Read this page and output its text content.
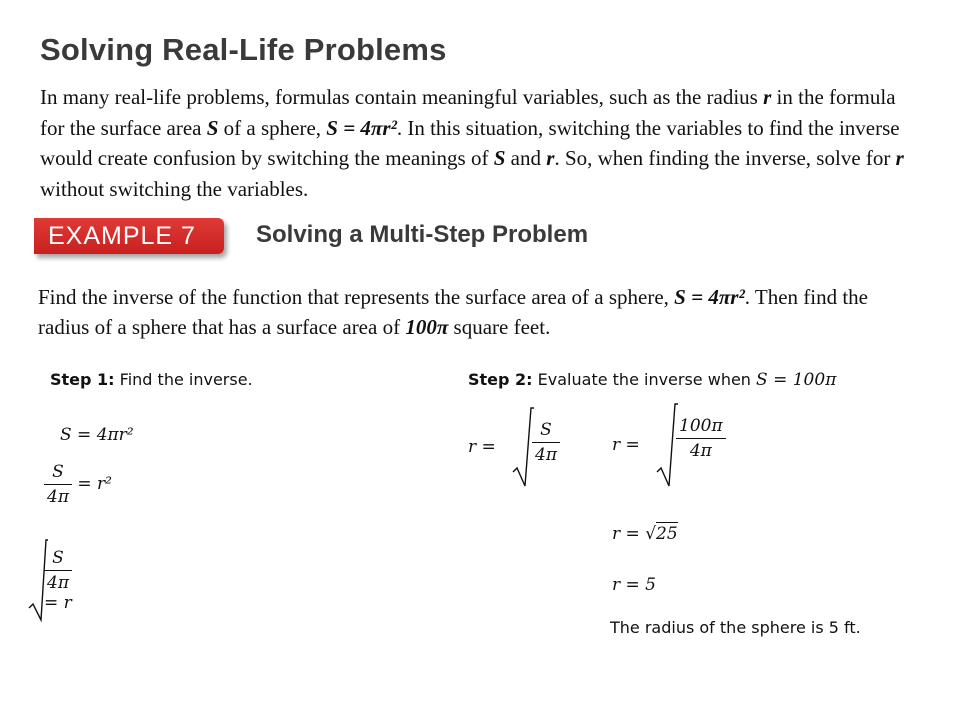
Solving Real-Life Problems
In many real-life problems, formulas contain meaningful variables, such as the radius r in the formula for the surface area S of a sphere, S = 4πr². In this situation, switching the variables to find the inverse would create confusion by switching the meanings of S and r. So, when finding the inverse, solve for r without switching the variables.
EXAMPLE 7	Solving a Multi-Step Problem
Find the inverse of the function that represents the surface area of a sphere, S = 4πr². Then find the radius of a sphere that has a surface area of 100π square feet.
Step 1: Find the inverse.
S = 4πr²
$\frac{S}{4\pi} = r^2$
$\frac{S}{4\pi}$
= r
Step 2: Evaluate the inverse when S = 100π
$r = \frac{S}{4\pi}$	$r = \frac{100\pi}{4\pi}$
r = √25
r = 5
The radius of the sphere is 5 ft.
